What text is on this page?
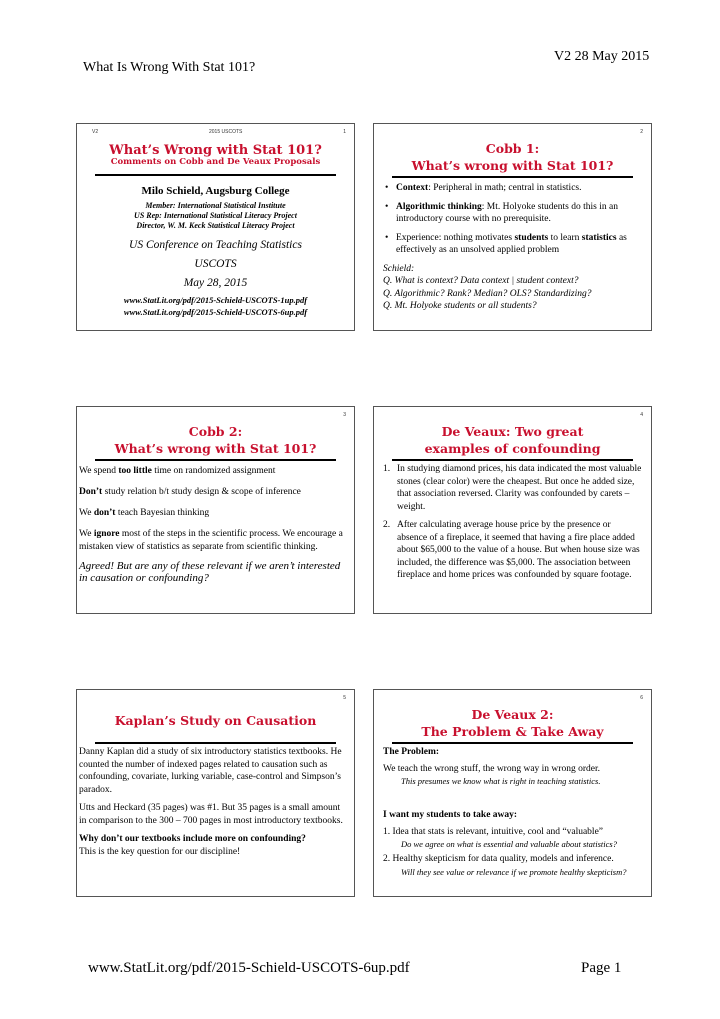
What Is Wrong With Stat 101?
V2 28 May 2015
V2	2015 USCOTS	1
What’s Wrong with Stat 101?
Comments on Cobb and De Veaux Proposals
Milo Schield, Augsburg College
Member: International Statistical Institute
US Rep: International Statistical Literacy Project
Director, W. M. Keck Statistical Literacy Project
US Conference on Teaching Statistics
USCOTS
May 28, 2015
www.StatLit.org/pdf/2015-Schield-USCOTS-1up.pdf
www.StatLit.org/pdf/2015-Schield-USCOTS-6up.pdf
2
Cobb 1:
What’s wrong with Stat 101?
• Context: Peripheral in math; central in statistics.
• Algorithmic thinking: Mt. Holyoke students do this in an introductory course with no prerequisite.
• Experience: nothing motivates students to learn statistics as effectively as an unsolved applied problem
Schield:
Q. What is context? Data context | student context?
Q. Algorithmic? Rank? Median? OLS? Standardizing?
Q. Mt. Holyoke students or all students?
3
Cobb 2:
What’s wrong with Stat 101?
We spend too little time on randomized assignment
Don’t study relation b/t study design & scope of inference
We don’t teach Bayesian thinking
We ignore most of the steps in the scientific process. We encourage a mistaken view of statistics as separate from scientific thinking.
Agreed! But are any of these relevant if we aren’t interested in causation or confounding?
4
De Veaux: Two great
examples of confounding
1. In studying diamond prices, his data indicated the most valuable stones (clear color) were the cheapest. But once he added size, that association reversed. Clarity was confounded by carets – weight.
2. After calculating average house price by the presence or absence of a fireplace, it seemed that having a fire place added about $65,000 to the value of a house. But when house size was included, the difference was $5,000. The association between fireplace and home prices was confounded by square footage.
5
Kaplan’s Study on Causation
Danny Kaplan did a study of six introductory statistics textbooks. He counted the number of indexed pages related to causation such as confounding, covariate, lurking variable, case-control and Simpson’s paradox.
Utts and Heckard (35 pages) was #1. But 35 pages is a small amount in comparison to the 300 – 700 pages in most introductory textbooks.
Why don’t our textbooks include more on confounding?
This is the key question for our discipline!
6
De Veaux 2:
The Problem & Take Away
The Problem:
We teach the wrong stuff, the wrong way in wrong order.
This presumes we know what is right in teaching statistics.
I want my students to take away:
1. Idea that stats is relevant, intuitive, cool and “valuable”
Do we agree on what is essential and valuable about statistics?
2. Healthy skepticism for data quality, models and inference.
Will they see value or relevance if we promote healthy skepticism?
www.StatLit.org/pdf/2015-Schield-USCOTS-6up.pdf	Page 1
